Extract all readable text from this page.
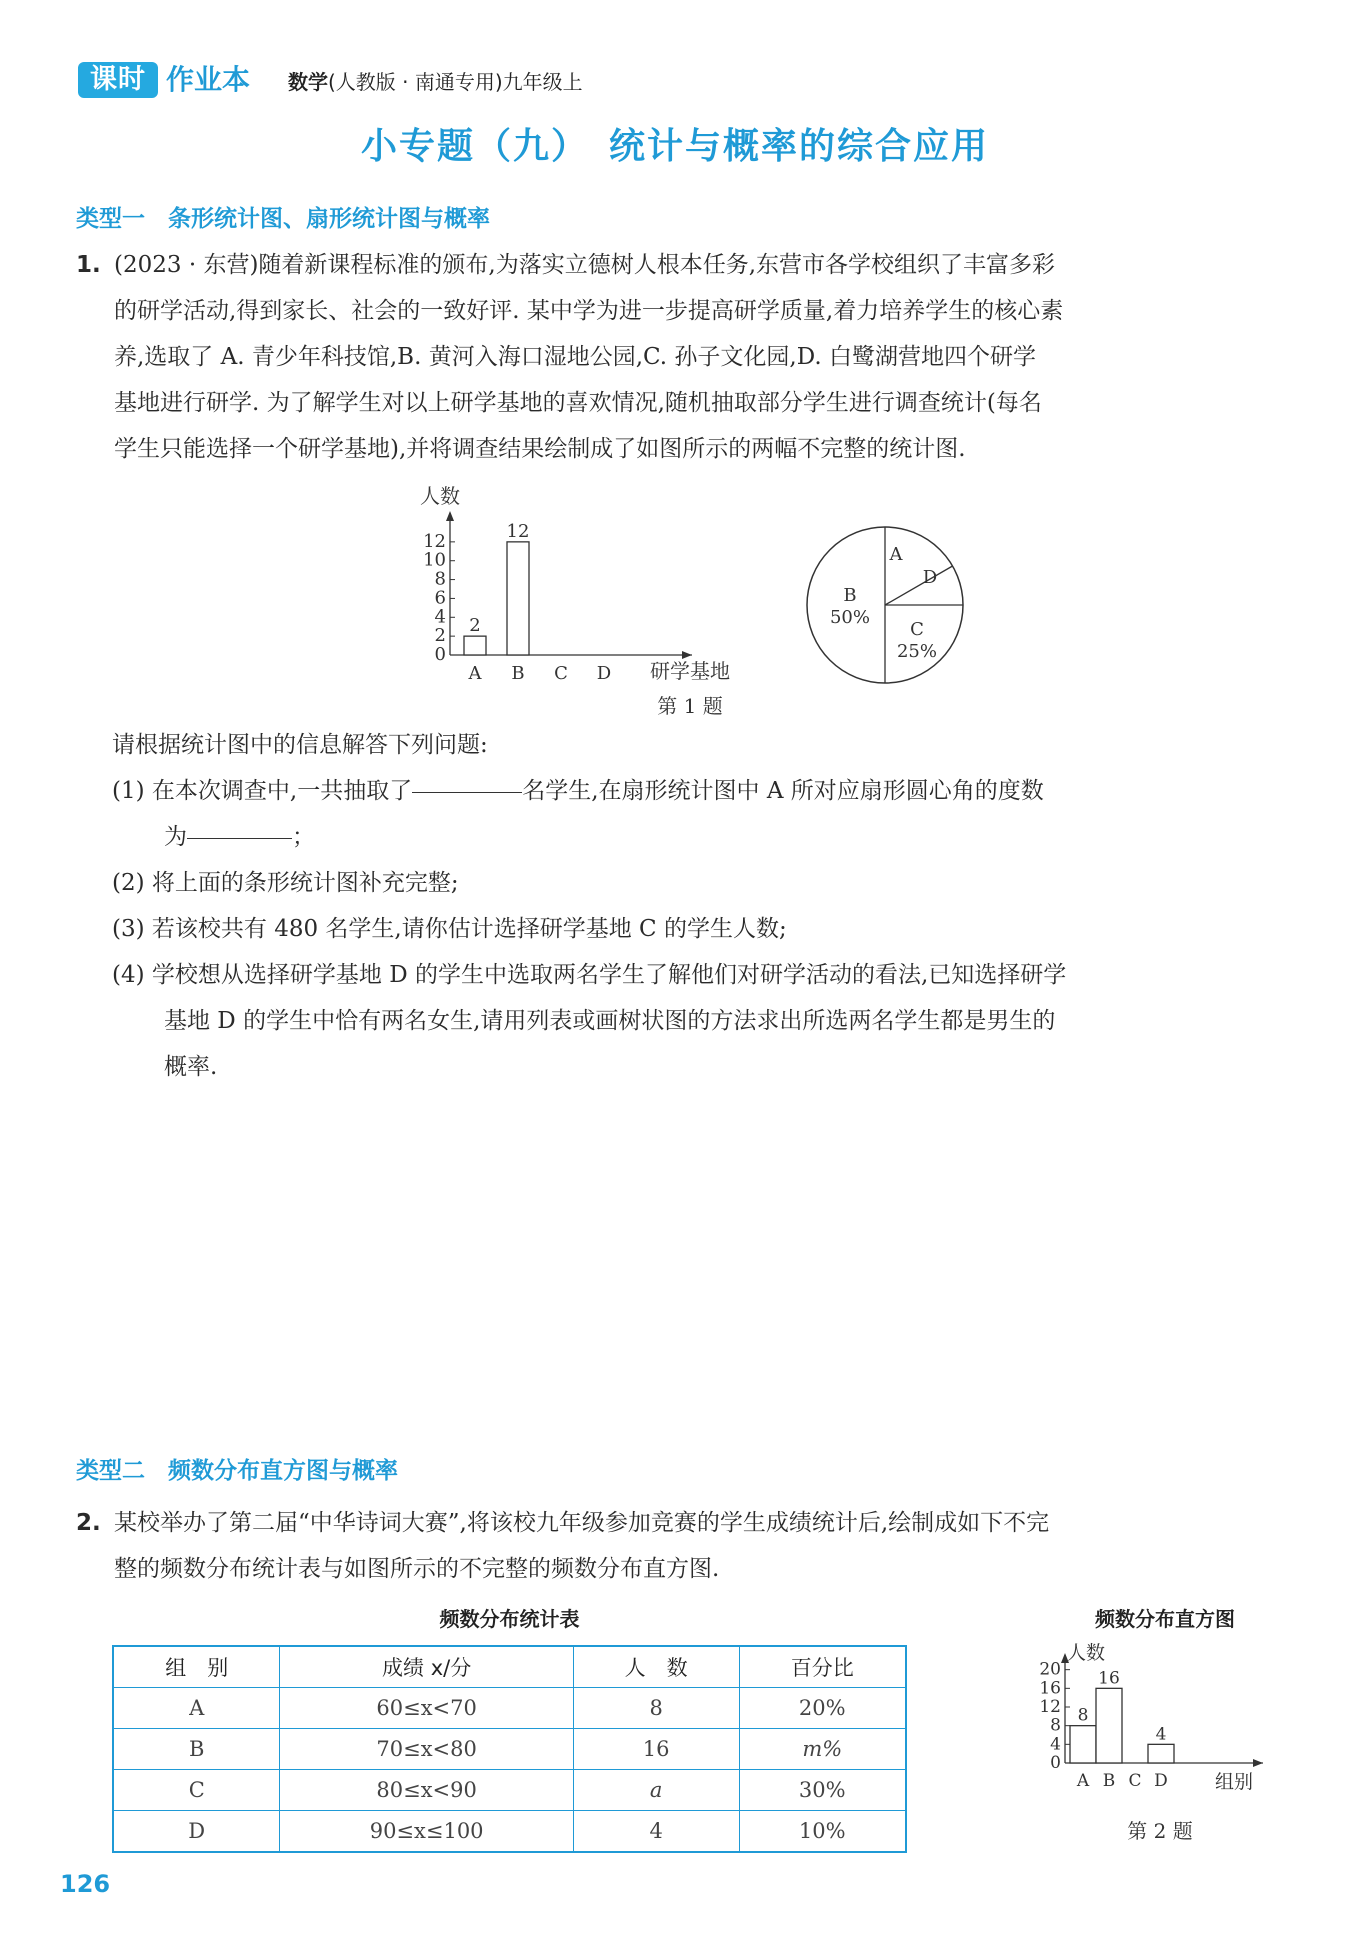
课时 作业本 数学(人教版 · 南通专用)九年级上
小专题（九）　统计与概率的综合应用
类型一　条形统计图、扇形统计图与概率
1. (2023 · 东营)随着新课程标准的颁布,为落实立德树人根本任务,东营市各学校组织了丰富多彩
的研学活动,得到家长、社会的一致好评. 某中学为进一步提高研学质量,着力培养学生的核心素
养,选取了 A. 青少年科技馆,B. 黄河入海口湿地公园,C. 孙子文化园,D. 白鹭湖营地四个研学
基地进行研学. 为了解学生对以上研学基地的喜欢情况,随机抽取部分学生进行调查统计(每名
学生只能选择一个研学基地),并将调查结果绘制成了如图所示的两幅不完整的统计图.
0
2
4
6
8
10
12
人数
研学基地
A
2
B
12
C D
A
D
C
25%
B
50%
第 1 题
请根据统计图中的信息解答下列问题:
(1) 在本次调查中,一共抽取了	名学生,在扇形统计图中 A 所对应扇形圆心角的度数
为	；
(2) 将上面的条形统计图补充完整;
(3) 若该校共有 480 名学生,请你估计选择研学基地 C 的学生人数;
(4) 学校想从选择研学基地 D 的学生中选取两名学生了解他们对研学活动的看法,已知选择研学
基地 D 的学生中恰有两名女生,请用列表或画树状图的方法求出所选两名学生都是男生的
概率.
类型二　频数分布直方图与概率
2. 某校举办了第二届“中华诗词大赛”,将该校九年级参加竞赛的学生成绩统计后,绘制成如下不完
整的频数分布统计表与如图所示的不完整的频数分布直方图.
频数分布统计表
组　别	成绩 x/分	人　数	百分比
A	60≤x<70	8	20%
B	70≤x<80	16	m%
C	80≤x<90	a	30%
D	90≤x≤100	4	10%
频数分布直方图
0
4
8
12
16
20
人数
组别
A
8
B
16
C D
4
第 2 题
126
